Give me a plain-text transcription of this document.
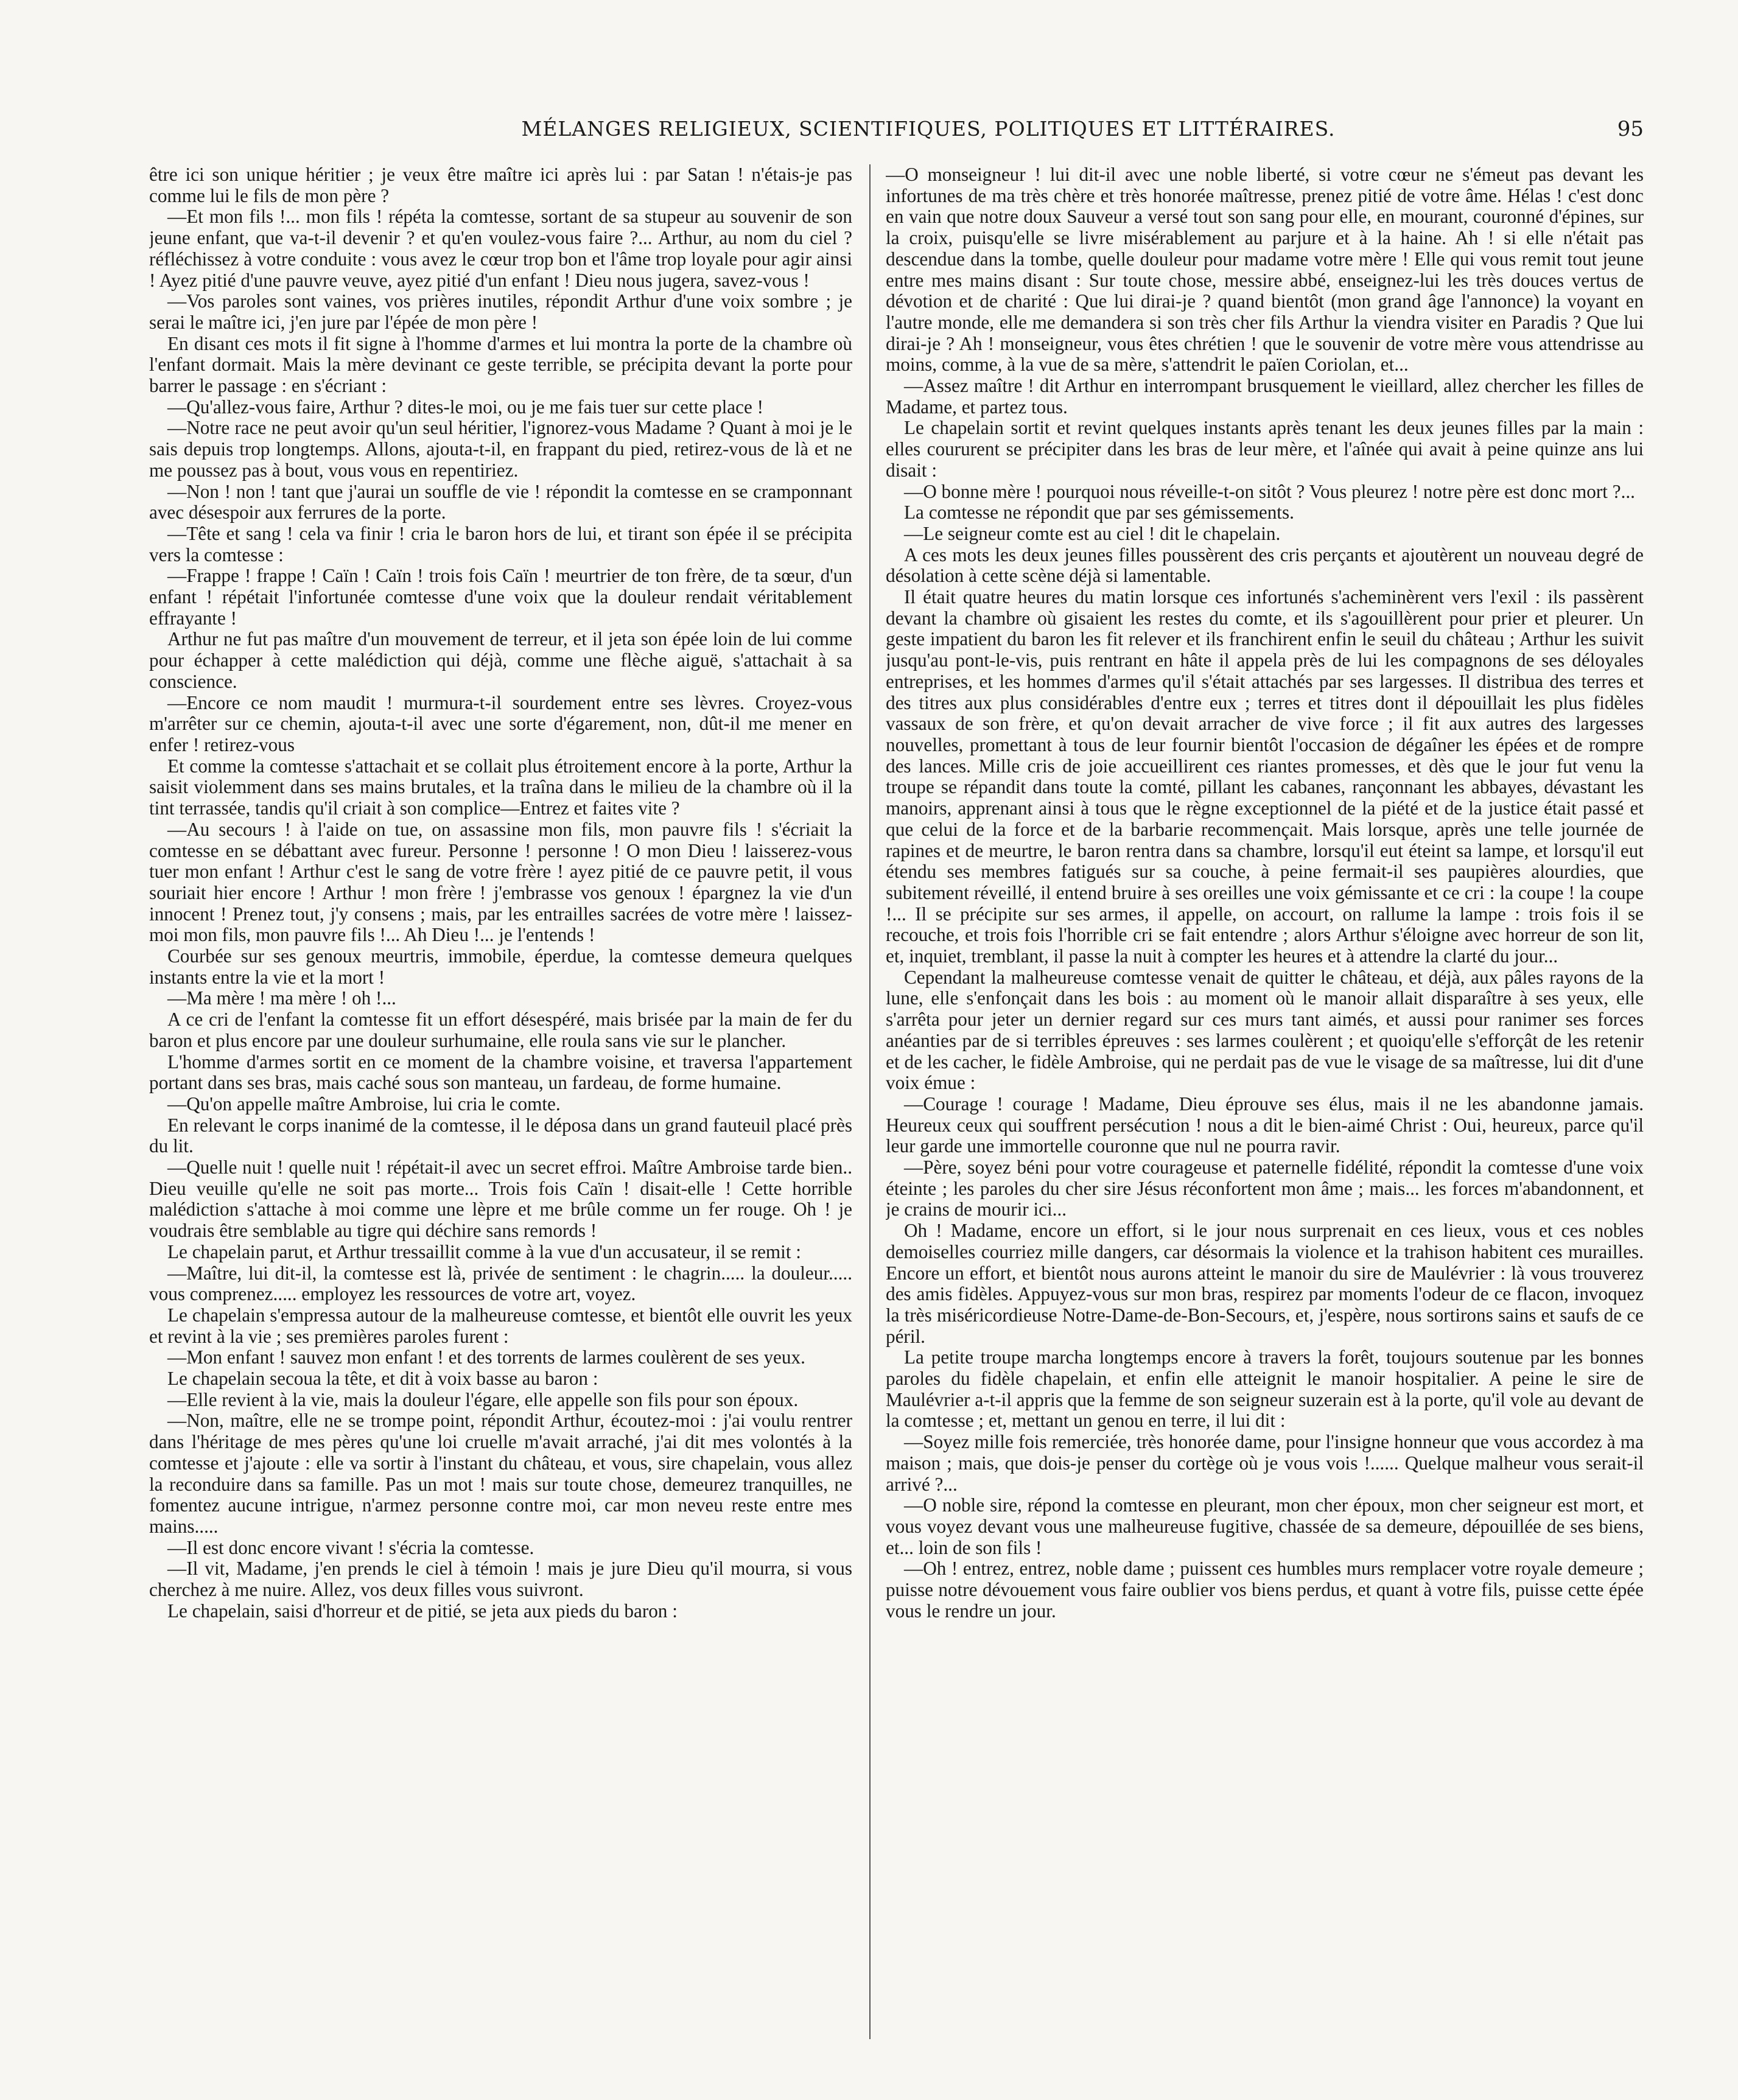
MÉLANGES RELIGIEUX, SCIENTIFIQUES, POLITIQUES ET LITTÉRAIRES.	95

être ici son unique héritier ; je veux être maître ici après lui : par Satan ! n'étais-je pas comme lui le fils de mon père ?

—Et mon fils !... mon fils ! répéta la comtesse, sortant de sa stupeur au souvenir de son jeune enfant, que va-t-il devenir ? et qu'en voulez-vous faire ?... Arthur, au nom du ciel ? réfléchissez à votre conduite : vous avez le cœur trop bon et l'âme trop loyale pour agir ainsi ! Ayez pitié d'une pauvre veuve, ayez pitié d'un enfant ! Dieu nous jugera, savez-vous !

—Vos paroles sont vaines, vos prières inutiles, répondit Arthur d'une voix sombre ; je serai le maître ici, j'en jure par l'épée de mon père !

En disant ces mots il fit signe à l'homme d'armes et lui montra la porte de la chambre où l'enfant dormait. Mais la mère devinant ce geste terrible, se précipita devant la porte pour barrer le passage : en s'écriant :

—Qu'allez-vous faire, Arthur ? dites-le moi, ou je me fais tuer sur cette place !

—Notre race ne peut avoir qu'un seul héritier, l'ignorez-vous Madame ? Quant à moi je le sais depuis trop longtemps. Allons, ajouta-t-il, en frappant du pied, retirez-vous de là et ne me poussez pas à bout, vous vous en repentiriez.

—Non ! non ! tant que j'aurai un souffle de vie ! répondit la comtesse en se cramponnant avec désespoir aux ferrures de la porte.

—Tête et sang ! cela va finir ! cria le baron hors de lui, et tirant son épée il se précipita vers la comtesse :

—Frappe ! frappe ! Caïn ! Caïn ! trois fois Caïn ! meurtrier de ton frère, de ta sœur, d'un enfant ! répétait l'infortunée comtesse d'une voix que la douleur rendait véritablement effrayante !

Arthur ne fut pas maître d'un mouvement de terreur, et il jeta son épée loin de lui comme pour échapper à cette malédiction qui déjà, comme une flèche aiguë, s'attachait à sa conscience.

—Encore ce nom maudit ! murmura-t-il sourdement entre ses lèvres. Croyez-vous m'arrêter sur ce chemin, ajouta-t-il avec une sorte d'égarement, non, dût-il me mener en enfer ! retirez-vous

Et comme la comtesse s'attachait et se collait plus étroitement encore à la porte, Arthur la saisit violemment dans ses mains brutales, et la traîna dans le milieu de la chambre où il la tint terrassée, tandis qu'il criait à son complice—Entrez et faites vite ?

—Au secours ! à l'aide on tue, on assassine mon fils, mon pauvre fils ! s'écriait la comtesse en se débattant avec fureur. Personne ! personne ! O mon Dieu ! laisserez-vous tuer mon enfant ! Arthur c'est le sang de votre frère ! ayez pitié de ce pauvre petit, il vous souriait hier encore ! Arthur ! mon frère ! j'embrasse vos genoux ! épargnez la vie d'un innocent ! Prenez tout, j'y consens ; mais, par les entrailles sacrées de votre mère ! laissez-moi mon fils, mon pauvre fils !... Ah Dieu !... je l'entends !

Courbée sur ses genoux meurtris, immobile, éperdue, la comtesse demeura quelques instants entre la vie et la mort !

—Ma mère ! ma mère ! oh !...

A ce cri de l'enfant la comtesse fit un effort désespéré, mais brisée par la main de fer du baron et plus encore par une douleur surhumaine, elle roula sans vie sur le plancher.

L'homme d'armes sortit en ce moment de la chambre voisine, et traversa l'appartement portant dans ses bras, mais caché sous son manteau, un fardeau, de forme humaine.

—Qu'on appelle maître Ambroise, lui cria le comte.

En relevant le corps inanimé de la comtesse, il le déposa dans un grand fauteuil placé près du lit.

—Quelle nuit ! quelle nuit ! répétait-il avec un secret effroi. Maître Ambroise tarde bien.. Dieu veuille qu'elle ne soit pas morte... Trois fois Caïn ! disait-elle ! Cette horrible malédiction s'attache à moi comme une lèpre et me brûle comme un fer rouge. Oh ! je voudrais être semblable au tigre qui déchire sans remords !

Le chapelain parut, et Arthur tressaillit comme à la vue d'un accusateur, il se remit :

—Maître, lui dit-il, la comtesse est là, privée de sentiment : le chagrin..... la douleur..... vous comprenez..... employez les ressources de votre art, voyez.

Le chapelain s'empressa autour de la malheureuse comtesse, et bientôt elle ouvrit les yeux et revint à la vie ; ses premières paroles furent :

—Mon enfant ! sauvez mon enfant ! et des torrents de larmes coulèrent de ses yeux.

Le chapelain secoua la tête, et dit à voix basse au baron :

—Elle revient à la vie, mais la douleur l'égare, elle appelle son fils pour son époux.

—Non, maître, elle ne se trompe point, répondit Arthur, écoutez-moi : j'ai voulu rentrer dans l'héritage de mes pères qu'une loi cruelle m'avait arraché, j'ai dit mes volontés à la comtesse et j'ajoute : elle va sortir à l'instant du château, et vous, sire chapelain, vous allez la reconduire dans sa famille. Pas un mot ! mais sur toute chose, demeurez tranquilles, ne fomentez aucune intrigue, n'armez personne contre moi, car mon neveu reste entre mes mains.....

—Il est donc encore vivant ! s'écria la comtesse.

—Il vit, Madame, j'en prends le ciel à témoin ! mais je jure Dieu qu'il mourra, si vous cherchez à me nuire. Allez, vos deux filles vous suivront.

Le chapelain, saisi d'horreur et de pitié, se jeta aux pieds du baron :

—O monseigneur ! lui dit-il avec une noble liberté, si votre cœur ne s'émeut pas devant les infortunes de ma très chère et très honorée maîtresse, prenez pitié de votre âme. Hélas ! c'est donc en vain que notre doux Sauveur a versé tout son sang pour elle, en mourant, couronné d'épines, sur la croix, puisqu'elle se livre misérablement au parjure et à la haine. Ah ! si elle n'était pas descendue dans la tombe, quelle douleur pour madame votre mère ! Elle qui vous remit tout jeune entre mes mains disant : Sur toute chose, messire abbé, enseignez-lui les très douces vertus de dévotion et de charité : Que lui dirai-je ? quand bientôt (mon grand âge l'annonce) la voyant en l'autre monde, elle me demandera si son très cher fils Arthur la viendra visiter en Paradis ? Que lui dirai-je ? Ah ! monseigneur, vous êtes chrétien ! que le souvenir de votre mère vous attendrisse au moins, comme, à la vue de sa mère, s'attendrit le païen Coriolan, et...

—Assez maître ! dit Arthur en interrompant brusquement le vieillard, allez chercher les filles de Madame, et partez tous.

Le chapelain sortit et revint quelques instants après tenant les deux jeunes filles par la main : elles coururent se précipiter dans les bras de leur mère, et l'aînée qui avait à peine quinze ans lui disait :

—O bonne mère ! pourquoi nous réveille-t-on sitôt ? Vous pleurez ! notre père est donc mort ?...

La comtesse ne répondit que par ses gémissements.

—Le seigneur comte est au ciel ! dit le chapelain.

A ces mots les deux jeunes filles poussèrent des cris perçants et ajoutèrent un nouveau degré de désolation à cette scène déjà si lamentable.

Il était quatre heures du matin lorsque ces infortunés s'acheminèrent vers l'exil : ils passèrent devant la chambre où gisaient les restes du comte, et ils s'agouillèrent pour prier et pleurer. Un geste impatient du baron les fit relever et ils franchirent enfin le seuil du château ; Arthur les suivit jusqu'au pont-le-vis, puis rentrant en hâte il appela près de lui les compagnons de ses déloyales entreprises, et les hommes d'armes qu'il s'était attachés par ses largesses. Il distribua des terres et des titres aux plus considérables d'entre eux ; terres et titres dont il dépouillait les plus fidèles vassaux de son frère, et qu'on devait arracher de vive force ; il fit aux autres des largesses nouvelles, promettant à tous de leur fournir bientôt l'occasion de dégaîner les épées et de rompre des lances. Mille cris de joie accueillirent ces riantes promesses, et dès que le jour fut venu la troupe se répandit dans toute la comté, pillant les cabanes, rançonnant les abbayes, dévastant les manoirs, apprenant ainsi à tous que le règne exceptionnel de la piété et de la justice était passé et que celui de la force et de la barbarie recommençait. Mais lorsque, après une telle journée de rapines et de meurtre, le baron rentra dans sa chambre, lorsqu'il eut éteint sa lampe, et lorsqu'il eut étendu ses membres fatigués sur sa couche, à peine fermait-il ses paupières alourdies, que subitement réveillé, il entend bruire à ses oreilles une voix gémissante et ce cri : la coupe ! la coupe !... Il se précipite sur ses armes, il appelle, on accourt, on rallume la lampe : trois fois il se recouche, et trois fois l'horrible cri se fait entendre ; alors Arthur s'éloigne avec horreur de son lit, et, inquiet, tremblant, il passe la nuit à compter les heures et à attendre la clarté du jour...

Cependant la malheureuse comtesse venait de quitter le château, et déjà, aux pâles rayons de la lune, elle s'enfonçait dans les bois : au moment où le manoir allait disparaître à ses yeux, elle s'arrêta pour jeter un dernier regard sur ces murs tant aimés, et aussi pour ranimer ses forces anéanties par de si terribles épreuves : ses larmes coulèrent ; et quoiqu'elle s'efforçât de les retenir et de les cacher, le fidèle Ambroise, qui ne perdait pas de vue le visage de sa maîtresse, lui dit d'une voix émue :

—Courage ! courage ! Madame, Dieu éprouve ses élus, mais il ne les abandonne jamais. Heureux ceux qui souffrent persécution ! nous a dit le bien-aimé Christ : Oui, heureux, parce qu'il leur garde une immortelle couronne que nul ne pourra ravir.

—Père, soyez béni pour votre courageuse et paternelle fidélité, répondit la comtesse d'une voix éteinte ; les paroles du cher sire Jésus réconfortent mon âme ; mais... les forces m'abandonnent, et je crains de mourir ici...

Oh ! Madame, encore un effort, si le jour nous surprenait en ces lieux, vous et ces nobles demoiselles courriez mille dangers, car désormais la violence et la trahison habitent ces murailles. Encore un effort, et bientôt nous aurons atteint le manoir du sire de Maulévrier : là vous trouverez des amis fidèles. Appuyez-vous sur mon bras, respirez par moments l'odeur de ce flacon, invoquez la très miséricordieuse Notre-Dame-de-Bon-Secours, et, j'espère, nous sortirons sains et saufs de ce péril.

La petite troupe marcha longtemps encore à travers la forêt, toujours soutenue par les bonnes paroles du fidèle chapelain, et enfin elle atteignit le manoir hospitalier. A peine le sire de Maulévrier a-t-il appris que la femme de son seigneur suzerain est à la porte, qu'il vole au devant de la comtesse ; et, mettant un genou en terre, il lui dit :

—Soyez mille fois remerciée, très honorée dame, pour l'insigne honneur que vous accordez à ma maison ; mais, que dois-je penser du cortège où je vous vois !...... Quelque malheur vous serait-il arrivé ?...

—O noble sire, répond la comtesse en pleurant, mon cher époux, mon cher seigneur est mort, et vous voyez devant vous une malheureuse fugitive, chassée de sa demeure, dépouillée de ses biens, et... loin de son fils !

—Oh ! entrez, entrez, noble dame ; puissent ces humbles murs remplacer votre royale demeure ; puisse notre dévouement vous faire oublier vos biens perdus, et quant à votre fils, puisse cette épée vous le rendre un jour.
